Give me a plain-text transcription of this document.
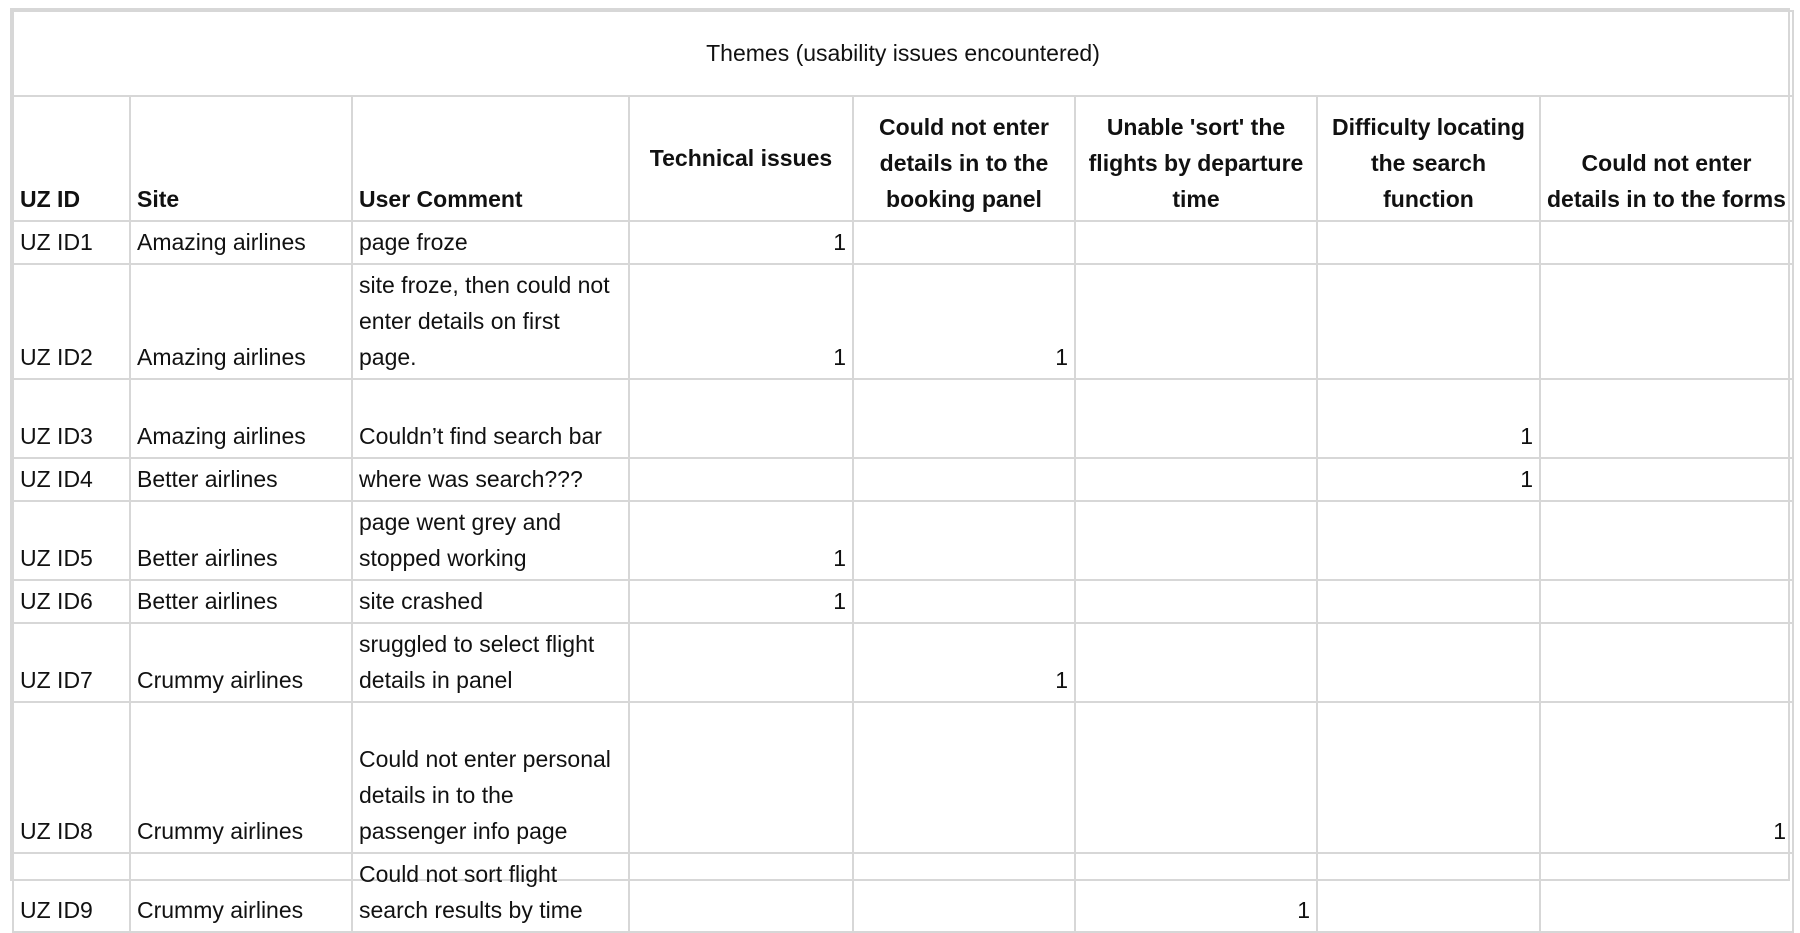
Themes (usability issues encountered)							
UZ ID	Site	User Comment	Technical issues	Could not enter details in to the booking panel	Unable 'sort' the flights by departure time	Difficulty locating the search function	Could not enter details in to the forms
UZ ID1	Amazing airlines	page froze	1				
UZ ID2	Amazing airlines	site froze, then could not enter details on first page.	1	1			
UZ ID3	Amazing airlines	Couldn’t find search bar				1	
UZ ID4	Better airlines	where was search???				1	
UZ ID5	Better airlines	page went grey and stopped working	1				
UZ ID6	Better airlines	site crashed	1				
UZ ID7	Crummy airlines	sruggled to select flight details in panel		1			
UZ ID8	Crummy airlines	Could not enter personal details in to the passenger info page					1
UZ ID9	Crummy airlines	Could not sort flight search results by time			1		
